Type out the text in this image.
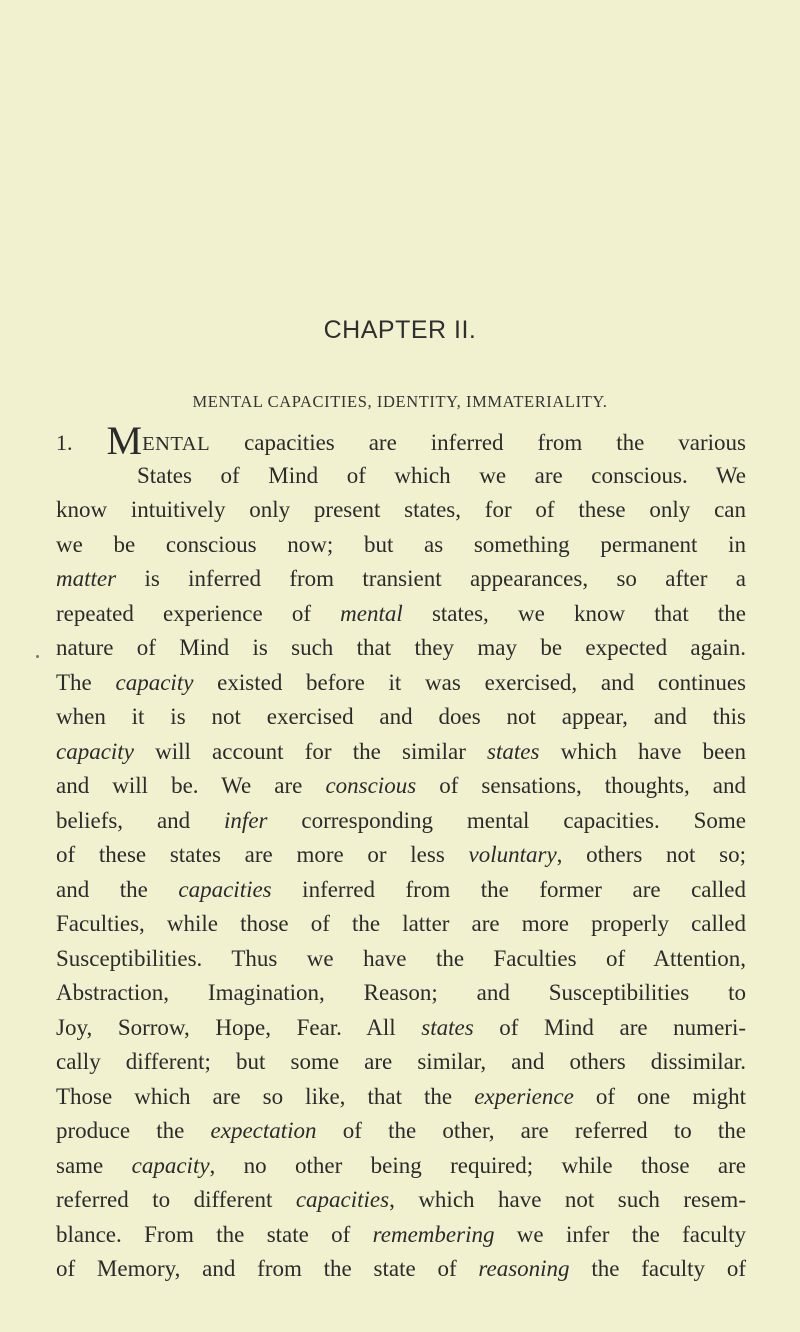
CHAPTER II.
MENTAL CAPACITIES, IDENTITY, IMMATERIALITY.
1. MENTAL capacities are inferred from the various
States of Mind of which we are conscious. We
know intuitively only present states, for of these only can
we be conscious now; but as something permanent in
matter is inferred from transient appearances, so after a
repeated experience of mental states, we know that the
nature of Mind is such that they may be expected again.
The capacity existed before it was exercised, and continues
when it is not exercised and does not appear, and this
capacity will account for the similar states which have been
and will be. We are conscious of sensations, thoughts, and
beliefs, and infer corresponding mental capacities. Some
of these states are more or less voluntary, others not so;
and the capacities inferred from the former are called
Faculties, while those of the latter are more properly called
Susceptibilities. Thus we have the Faculties of Attention,
Abstraction, Imagination, Reason; and Susceptibilities to
Joy, Sorrow, Hope, Fear. All states of Mind are numeri-
cally different; but some are similar, and others dissimilar.
Those which are so like, that the experience of one might
produce the expectation of the other, are referred to the
same capacity, no other being required; while those are
referred to different capacities, which have not such resem-
blance. From the state of remembering we infer the faculty
of Memory, and from the state of reasoning the faculty of
